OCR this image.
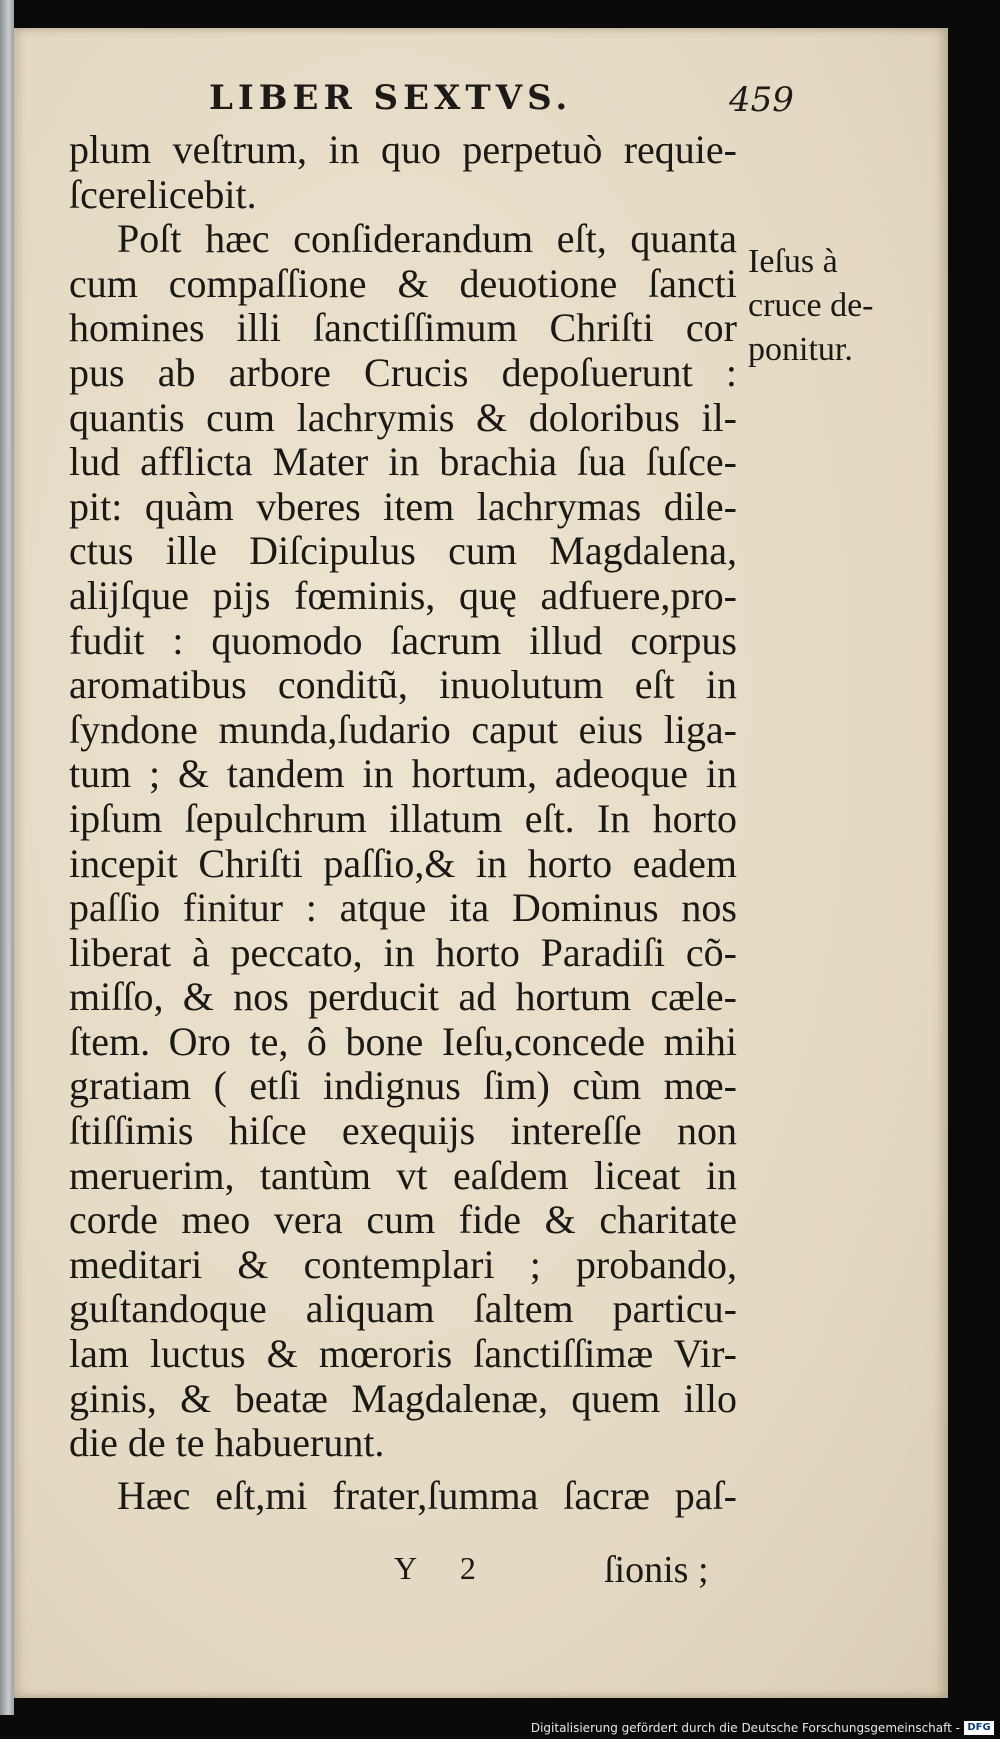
LIBER SEXTVS.	459

plum veſtrum, in quo perpetuò requie-
ſcerelicebit.
Poſt hæc conſiderandum eſt, quanta
cum compaſſione & deuotione ſancti
homines illi ſanctiſſimum Chriſti cor
pus ab arbore Crucis depoſuerunt :
quantis cum lachrymis & doloribus il-
lud afflicta Mater in brachia ſua ſuſce-
pit: quàm vberes item lachrymas dile-
ctus ille Diſcipulus cum Magdalena,
alijſque pijs fœminis, quę adfuere,pro-
fudit : quomodo ſacrum illud corpus
aromatibus conditũ, inuolutum eſt in
ſyndone munda,ſudario caput eius liga-
tum ; & tandem in hortum, adeoque in
ipſum ſepulchrum illatum eſt. In horto
incepit Chriſti paſſio,& in horto eadem
paſſio finitur : atque ita Dominus nos
liberat à peccato, in horto Paradiſi cõ-
miſſo, & nos perducit ad hortum cæle-
ſtem. Oro te, ô bone Ieſu,concede mihi
gratiam ( etſi indignus ſim) cùm mœ-
ſtiſſimis hiſce exequijs intereſſe non
meruerim, tantùm vt eaſdem liceat in
corde meo vera cum fide & charitate
meditari & contemplari ; probando,
guſtandoque aliquam ſaltem particu-
lam luctus & mœroris ſanctiſſimæ Vir-
ginis, & beatæ Magdalenæ, quem illo
die de te habuerunt.
Hæc eſt,mi frater,ſumma ſacræ paſ-

Ieſus à
cruce de-
ponitur.
Y 2	ſionis ;
Digitalisierung gefördert durch die Deutsche Forschungsgemeinschaft - DFG
